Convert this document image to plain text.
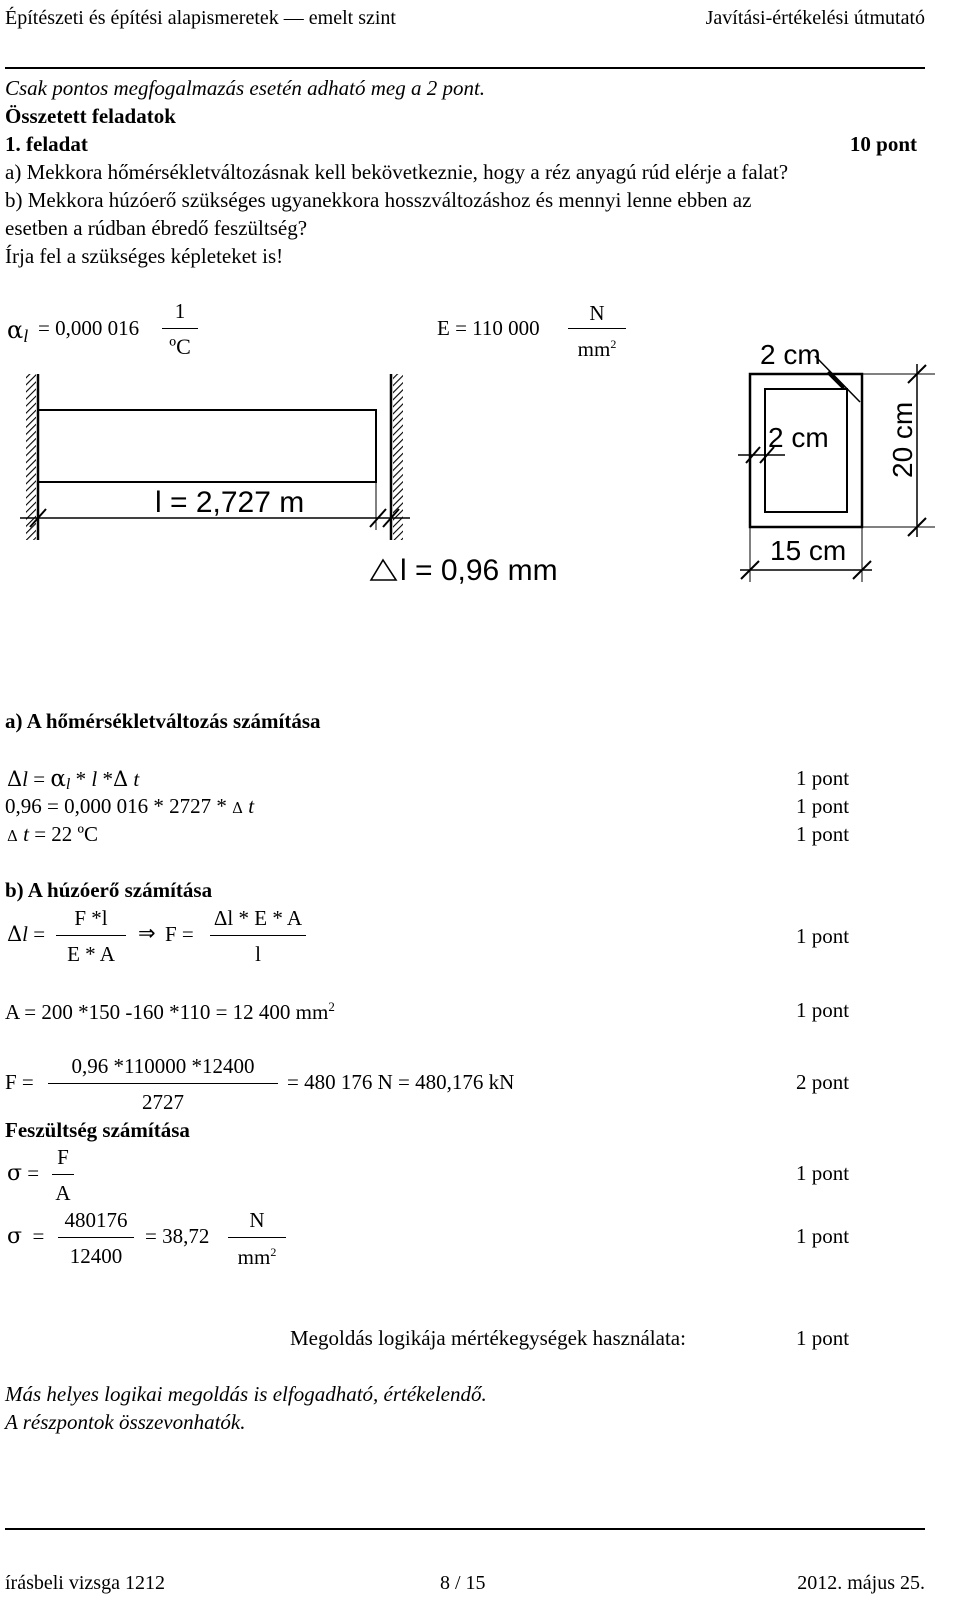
Építészeti és építési alapismeretek — emelt szint	Javítási-értékelési útmutató
Csak pontos megfogalmazás esetén adható meg a 2 pont.
Összetett feladatok
1. feladat	10 pont
a) Mekkora hőmérsékletváltozásnak kell bekövetkeznie, hogy a réz anyagú rúd elérje a falat?
b) Mekkora húzóerő szükséges ugyanekkora hosszváltozáshoz és mennyi lenne ebben az
esetben a rúdban ébredő feszültség?
Írja fel a szükséges képleteket is!
αl = 0,000 016
1
ºC
E = 110 000
N
$mm^2$
l = 2,727 m
l = 0,96 mm
2 cm
2 cm 20 cm
15 cm
a) A hőmérsékletváltozás számítása
Δl = αl * l *Δ t	1 pont
0,96 = 0,000 016 * 2727 * Δ t	1 pont
Δ t = 22 ºC	1 pont
b) A húzóerő számítása
Δl =
F *l
E * A
⇒ F =
Δl * E * A
l
1 pont
A = 200 *150 -160 *110 = 12 400 $mm^2$	1 pont
F =
0,96 *110000 *12400
2727
= 480 176 N = 480,176 kN	2 pont
Feszültség számítása
σ =
F
A
1 pont
σ  =
480176
12400
= 38,72
N
$mm^2$
1 pont
Megoldás logikája mértékegységek használata:	1 pont
Más helyes logikai megoldás is elfogadható, értékelendő.
A részpontok összevonhatók.
írásbeli vizsga 1212	8 / 15	2012. május 25.
